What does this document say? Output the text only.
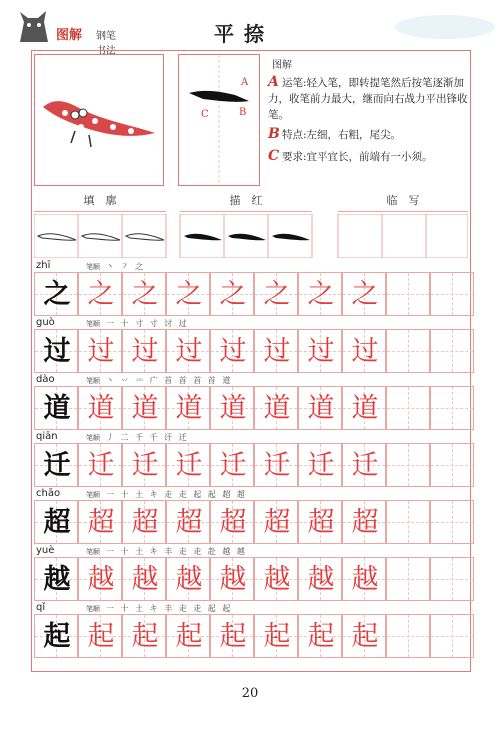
图解 钢笔书法
平捺
A
B
C
图解
A 运笔:轻入笔，即转提笔然后按笔逐渐加力，收笔前力最大，继而向右战力平出锋收笔。
B 特点:左细，右粗，尾尖。
C 要求:宜平宜长，前端有一小须。
填　廓	描　红	临　写
zhī	笔顺 丶 ㇇ 之
之 之 之 之 之 之 之 之
guò	笔顺 一 十 寸 寸 讨 过
过 过 过 过 过 过 过 过
dào	笔顺 丶 丷 䒑 广 首 首 首 首 道
道 道 道 道 道 道 道 道
qiān	笔顺 丿 二 千 千 讦 迁
迁 迁 迁 迁 迁 迁 迁 迁
chāo	笔顺 一 十 土 キ 走 走 起 起 超 超
超 超 超 超 超 超 超 超
yuè	笔顺 一 十 土 キ 丰 走 走 赴 越 越
越 越 越 越 越 越 越 越
qǐ	笔顺 一 十 土 キ 丰 走 走 起 起
起 起 起 起 起 起 起 起
20
